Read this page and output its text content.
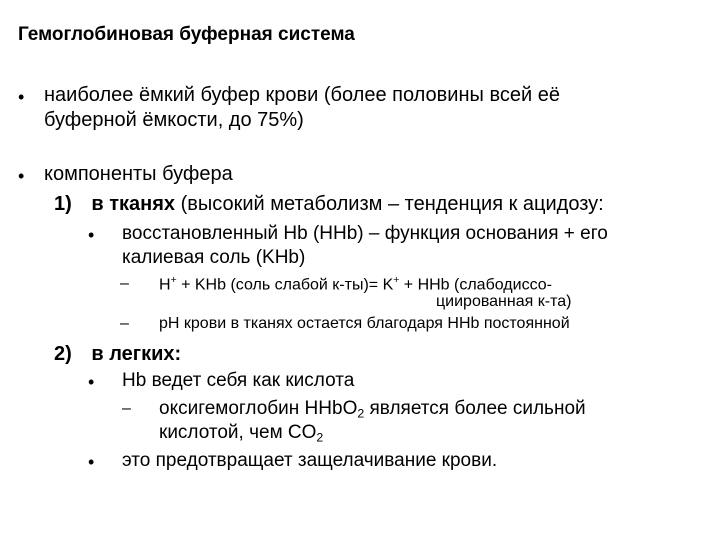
Гемоглобиновая буферная система
• наиболее ёмкий буфер крови (более половины всей её
буферной ёмкости, до 75%)
• компоненты буфера
1) в тканях (высокий метаболизм – тенденция к ацидозу:
• восстановленный Hb (HHb) – функция основания + его
калиевая соль (KHb)
– H+ + KHb (соль слабой к-ты)= K+ + HHb (слабодиссо-
циированная к-та)
– pH крови в тканях остается благодаря HHb постоянной
2) в легких:
• Hb ведет себя как кислота
– оксигемоглобин HHbO$_2$ является более сильной
кислотой, чем $CO_2$
• это предотвращает защелачивание крови.
